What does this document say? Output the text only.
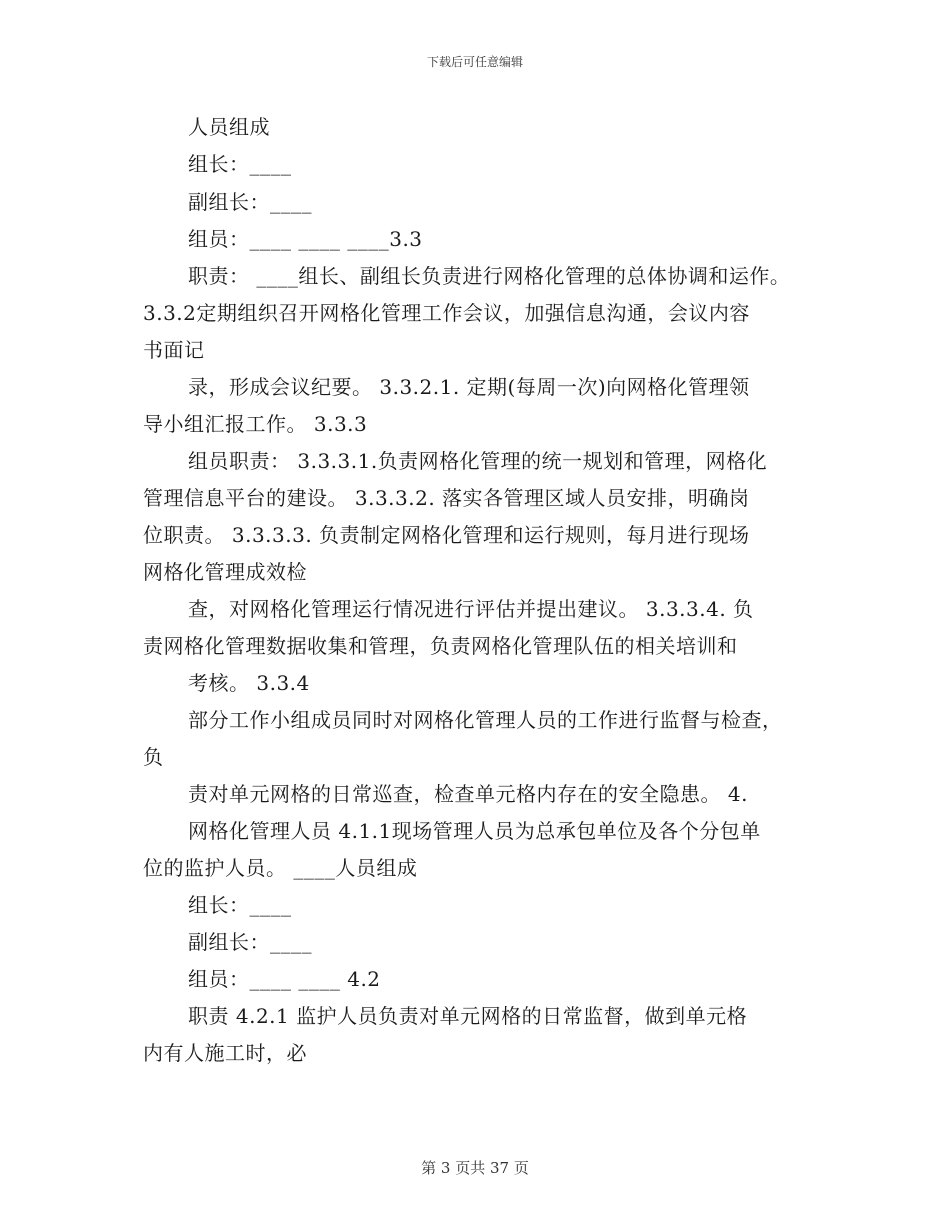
下载后可任意编辑
人员组成
组长：____
副组长：____
组员：____ ____ ____3.3
职责： ____组长、副组长负责进行网格化管理的总体协调和运作。
3.3.2定期组织召开网格化管理工作会议，加强信息沟通，会议内容
书面记
录，形成会议纪要。 3.3.2.1. 定期(每周一次)向网格化管理领
导小组汇报工作。 3.3.3
组员职责： 3.3.3.1.负责网格化管理的统一规划和管理，网格化
管理信息平台的建设。 3.3.3.2. 落实各管理区域人员安排，明确岗
位职责。 3.3.3.3. 负责制定网格化管理和运行规则，每月进行现场
网格化管理成效检
查，对网格化管理运行情况进行评估并提出建议。 3.3.3.4. 负
责网格化管理数据收集和管理，负责网格化管理队伍的相关培训和
考核。 3.3.4
部分工作小组成员同时对网格化管理人员的工作进行监督与检查，
负
责对单元网格的日常巡查，检查单元格内存在的安全隐患。 4.
网格化管理人员 4.1.1现场管理人员为总承包单位及各个分包单
位的监护人员。 ____人员组成
组长：____
副组长：____
组员：____ ____ 4.2
职责 4.2.1 监护人员负责对单元网格的日常监督，做到单元格
内有人施工时，必
第 3 页共 37 页
